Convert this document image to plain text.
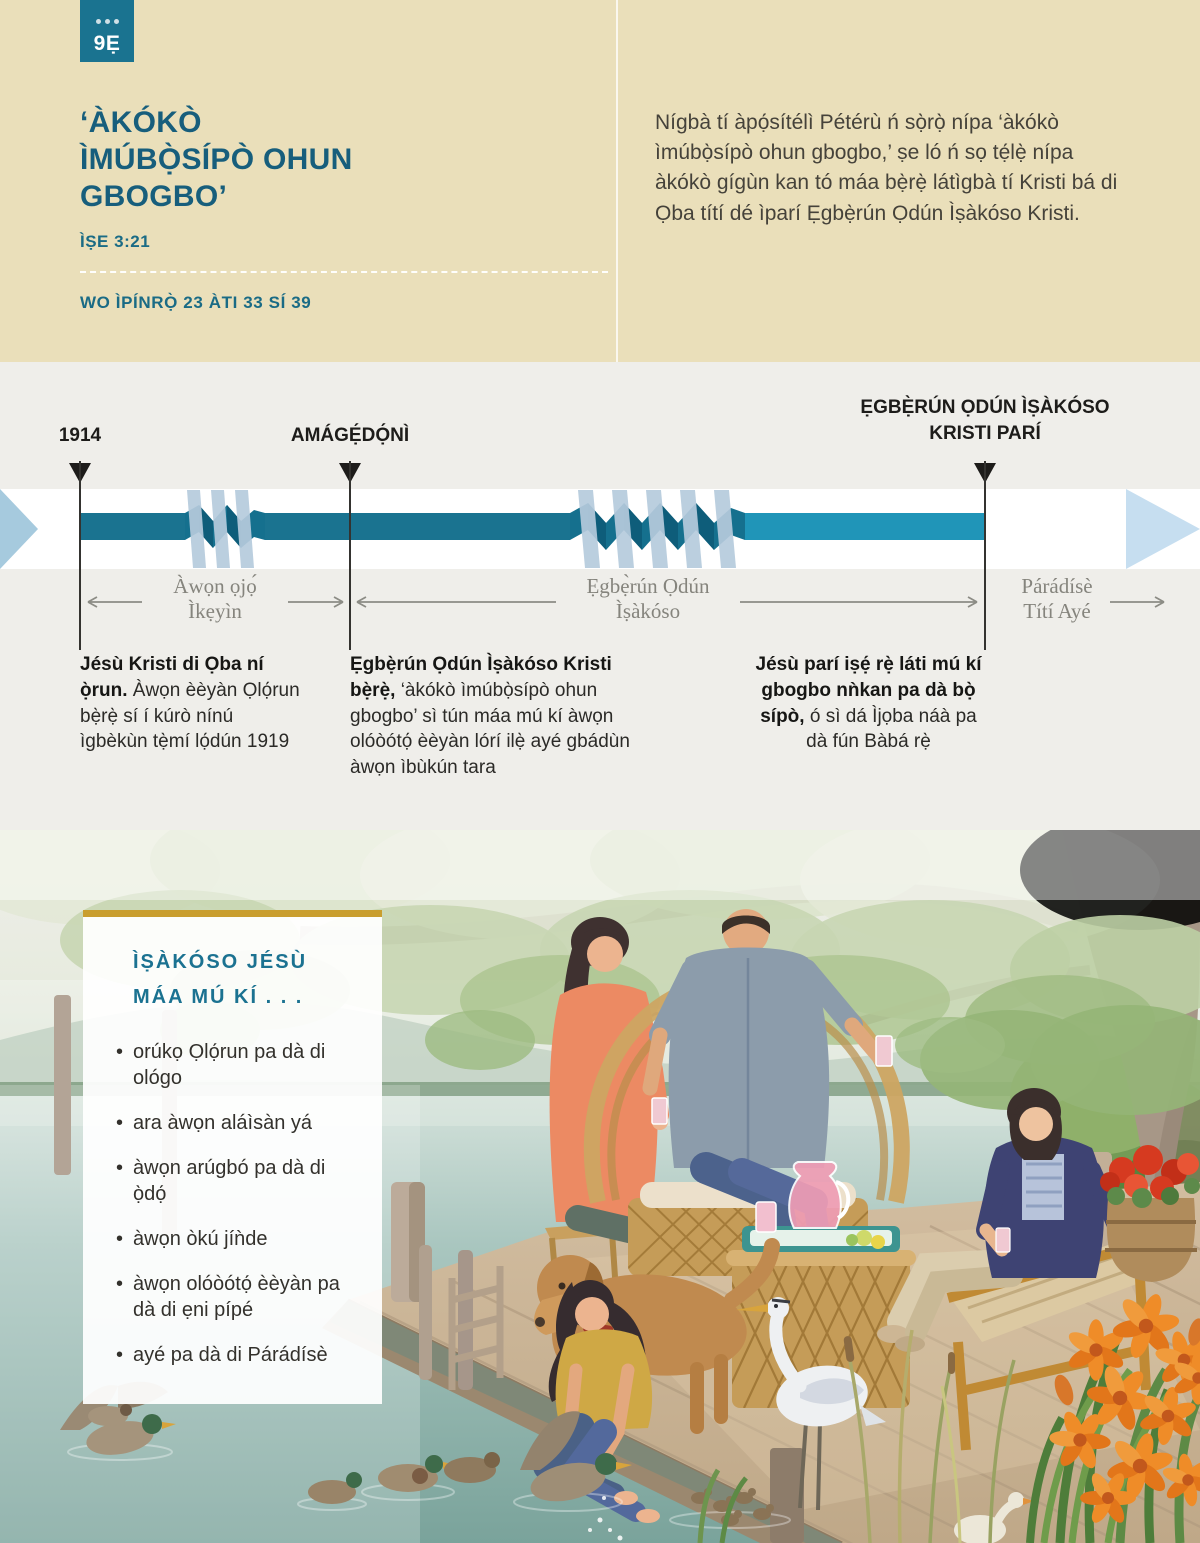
9Ẹ
‘ÀKÓKÒ ÌMÚBỌ̀SÍPÒ OHUN GBOGBO’
ÌṢE 3:21
WO ÌPÍNRỌ̀ 23 ÀTI 33 SÍ 39

Nígbà tí àpọ́sítélì Pétérù ń sọ̀rọ̀ nípa ‘àkókò ìmúbọ̀sípò ohun gbogbo,’ ṣe ló ń sọ tẹ́lẹ̀ nípa àkókò gígùn kan tó máa bẹ̀rẹ̀ látìgbà tí Kristi bá di Ọba títí dé ìparí Ẹgbẹ̀rún Ọdún Ìṣàkóso Kristi.

1914	AMÁGẸ́DỌ́NÌ
ẸGBẸ̀RÚN ỌDÚN ÌṢÀKÓSO KRISTI PARÍ
Àwọn ọjọ́ Ìkẹyìn
Ẹgbẹ̀rún Ọdún Ìṣàkóso
Párádísè Títí Ayé

Jésù Kristi di Ọba ní ọ̀run. Àwọn èèyàn Ọlọ́run bẹ̀rẹ̀ sí í kúrò nínú ìgbèkùn tẹ̀mí lọ́dún 1919

Ẹgbẹ̀rún Ọdún Ìṣàkóso Kristi bẹ̀rẹ̀, ‘àkókò ìmúbọ̀sípò ohun gbogbo’ sì tún máa mú kí àwọn olóòótọ́ èèyàn lórí ilẹ̀ ayé gbádùn àwọn ìbùkún tara

Jésù parí iṣẹ́ rẹ̀ láti mú kí gbogbo nǹkan pa dà bọ̀ sípò, ó sì dá Ìjọba náà pa dà fún Bàbá rẹ̀

ÌṢÀKÓSO JÉSÙ
MÁA MÚ KÍ . . .
• orúkọ Ọlọ́run pa dà di ológo
• ara àwọn aláìsàn yá
• àwọn arúgbó pa dà di ọ̀dọ́
• àwọn òkú jíǹde
• àwọn olóòótọ́ èèyàn pa dà di ẹni pípé
• ayé pa dà di Párádísè
